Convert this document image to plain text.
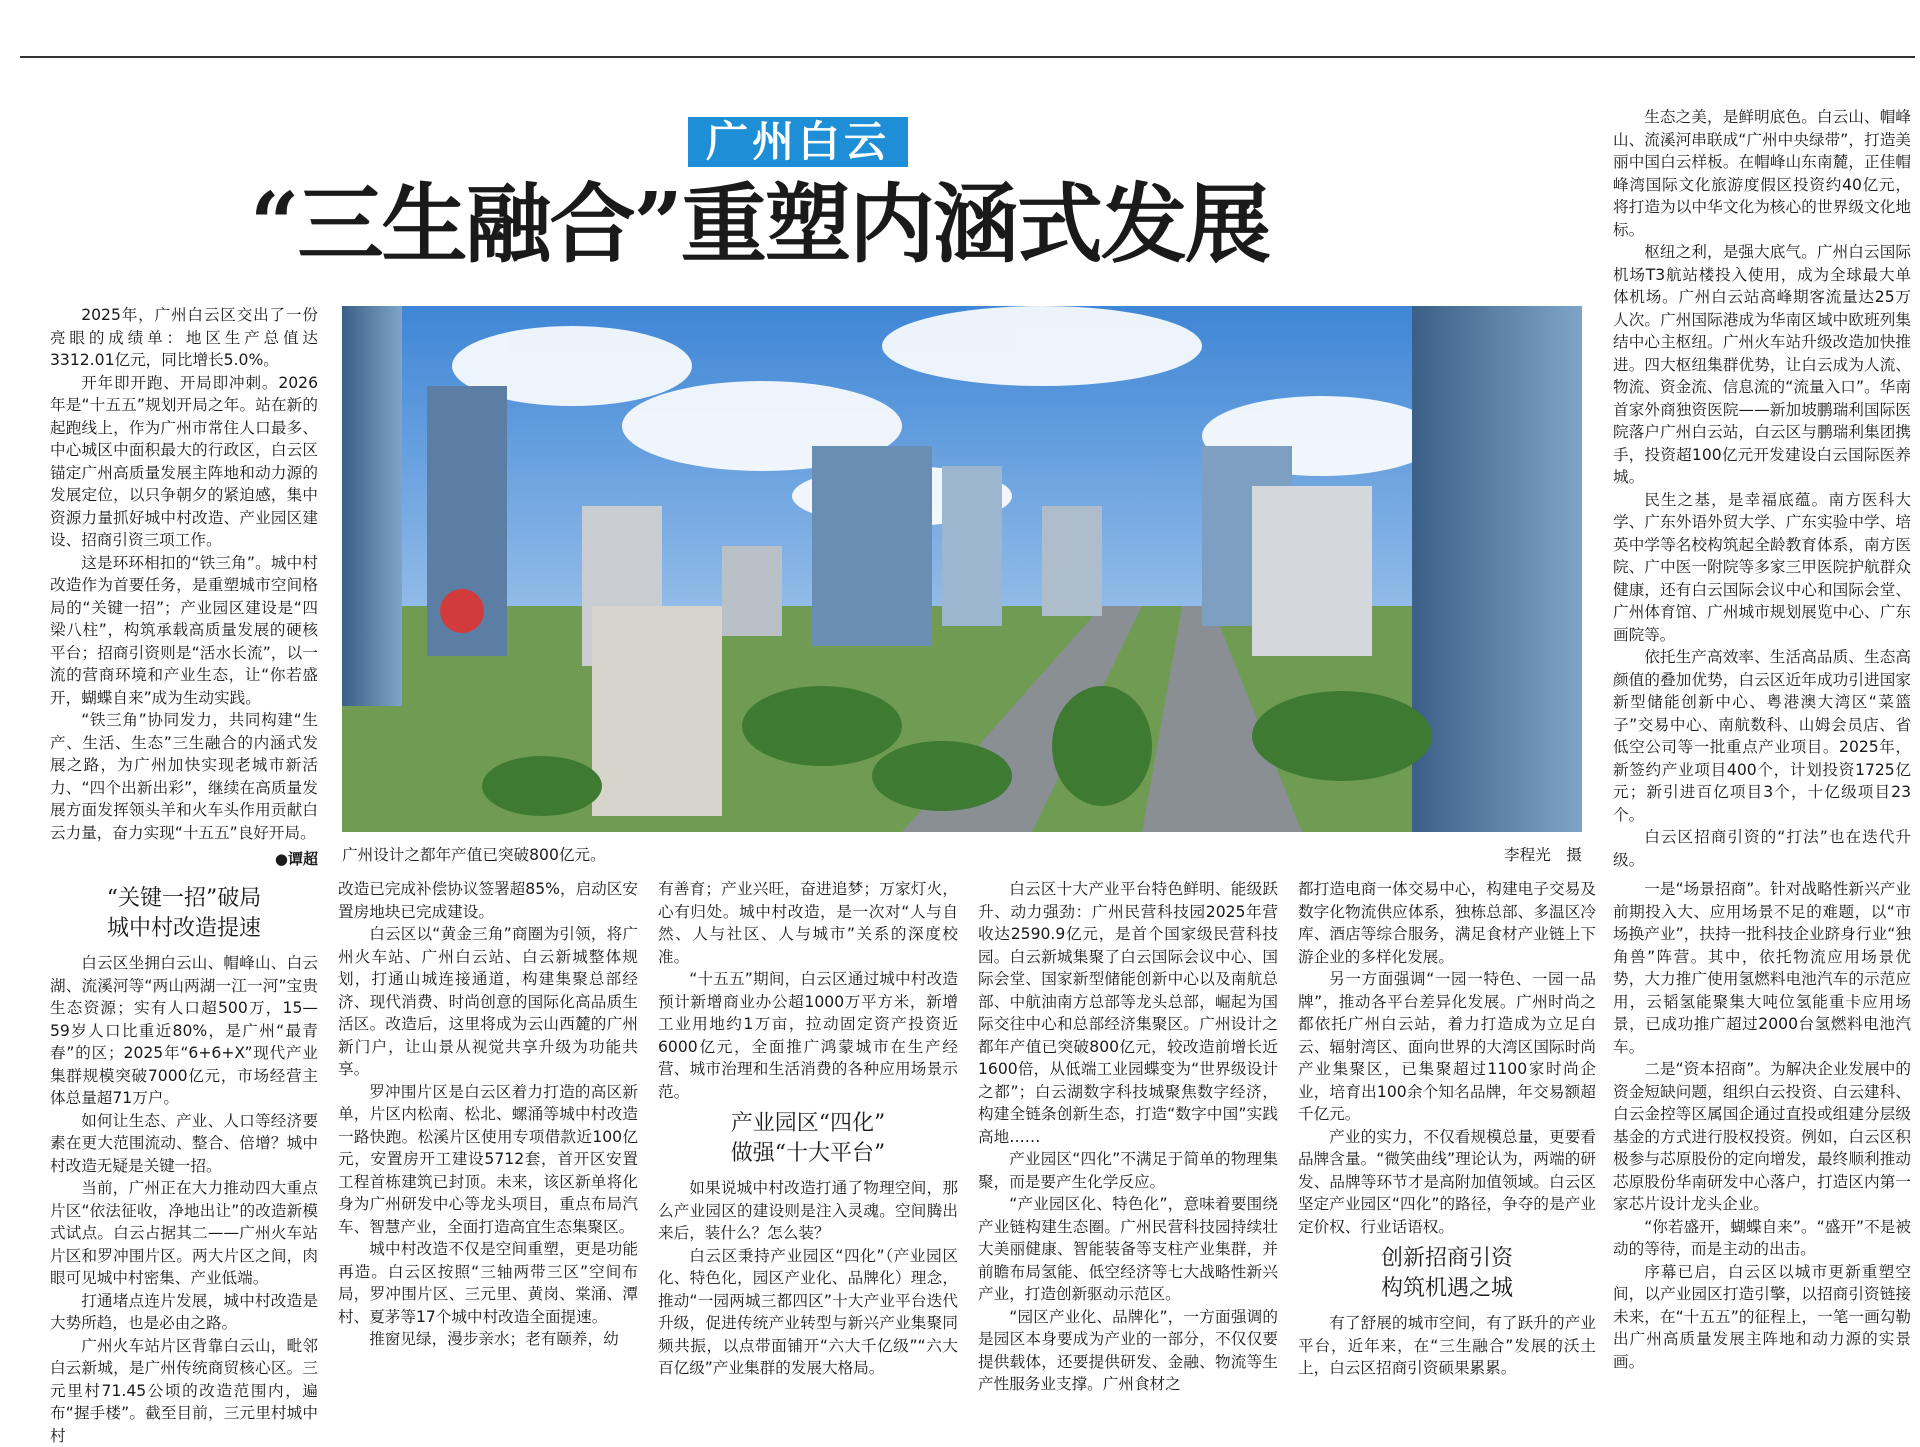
广州白云
“三生融合”重塑内涵式发展

2025年，广州白云区交出了一份亮眼的成绩单：地区生产总值达3312.01亿元，同比增长5.0%。

开年即开跑、开局即冲刺。2026年是“十五五”规划开局之年。站在新的起跑线上，作为广州市常住人口最多、中心城区中面积最大的行政区，白云区锚定广州高质量发展主阵地和动力源的发展定位，以只争朝夕的紧迫感，集中资源力量抓好城中村改造、产业园区建设、招商引资三项工作。

这是环环相扣的“铁三角”。城中村改造作为首要任务，是重塑城市空间格局的“关键一招”；产业园区建设是“四梁八柱”，构筑承载高质量发展的硬核平台；招商引资则是“活水长流”，以一流的营商环境和产业生态，让“你若盛开，蝴蝶自来”成为生动实践。

“铁三角”协同发力，共同构建“生产、生活、生态”三生融合的内涵式发展之路，为广州加快实现老城市新活力、“四个出新出彩”，继续在高质量发展方面发挥领头羊和火车头作用贡献白云力量，奋力实现“十五五”良好开局。

●谭超 广州设计之都年产值已突破800亿元。	李程光　摄

生态之美，是鲜明底色。白云山、帽峰山、流溪河串联成“广州中央绿带”，打造美丽中国白云样板。在帽峰山东南麓，正佳帽峰湾国际文化旅游度假区投资约40亿元，将打造为以中华文化为核心的世界级文化地标。

枢纽之利，是强大底气。广州白云国际机场T3航站楼投入使用，成为全球最大单体机场。广州白云站高峰期客流量达25万人次。广州国际港成为华南区域中欧班列集结中心主枢纽。广州火车站升级改造加快推进。四大枢纽集群优势，让白云成为人流、物流、资金流、信息流的“流量入口”。华南首家外商独资医院——新加坡鹏瑞利国际医院落户广州白云站，白云区与鹏瑞利集团携手，投资超100亿元开发建设白云国际医养城。

民生之基，是幸福底蕴。南方医科大学、广东外语外贸大学、广东实验中学、培英中学等名校构筑起全龄教育体系，南方医院、广中医一附院等多家三甲医院护航群众健康，还有白云国际会议中心和国际会堂、广州体育馆、广州城市规划展览中心、广东画院等。

依托生产高效率、生活高品质、生态高颜值的叠加优势，白云区近年成功引进国家新型储能创新中心、粤港澳大湾区“菜篮子”交易中心、南航数科、山姆会员店、省低空公司等一批重点产业项目。2025年，新签约产业项目400个，计划投资1725亿元；新引进百亿项目3个，十亿级项目23个。

白云区招商引资的“打法”也在迭代升级。

“关键一招”破局
城中村改造提速

白云区坐拥白云山、帽峰山、白云湖、流溪河等“两山两湖一江一河”宝贵生态资源；实有人口超500万，15—59岁人口比重近80%，是广州“最青春”的区；2025年“6+6+X”现代产业集群规模突破7000亿元，市场经营主体总量超71万户。

如何让生态、产业、人口等经济要素在更大范围流动、整合、倍增？城中村改造无疑是关键一招。

当前，广州正在大力推动四大重点片区“依法征收，净地出让”的改造新模式试点。白云占据其二——广州火车站片区和罗冲围片区。两大片区之间，肉眼可见城中村密集、产业低端。

打通堵点连片发展，城中村改造是大势所趋，也是必由之路。

广州火车站片区背靠白云山，毗邻白云新城，是广州传统商贸核心区。三元里村71.45公顷的改造范围内，遍布“握手楼”。截至目前，三元里村城中村

改造已完成补偿协议签署超85%，启动区安置房地块已完成建设。

白云区以“黄金三角”商圈为引领，将广州火车站、广州白云站、白云新城整体规划，打通山城连接通道，构建集聚总部经济、现代消费、时尚创意的国际化高品质生活区。改造后，这里将成为云山西麓的广州新门户，让山景从视觉共享升级为功能共享。

罗冲围片区是白云区着力打造的高区新单，片区内松南、松北、螺涌等城中村改造一路快跑。松溪片区使用专项借款近100亿元，安置房开工建设5712套，首开区安置工程首栋建筑已封顶。未来，该区新单将化身为广州研发中心等龙头项目，重点布局汽车、智慧产业，全面打造高宜生态集聚区。

城中村改造不仅是空间重塑，更是功能再造。白云区按照“三轴两带三区”空间布局，罗冲围片区、三元里、黄岗、棠涌、潭村、夏茅等17个城中村改造全面提速。

推窗见绿，漫步亲水；老有颐养，幼

有善育；产业兴旺，奋进追梦；万家灯火，心有归处。城中村改造，是一次对“人与自然、人与社区、人与城市”关系的深度校准。

“十五五”期间，白云区通过城中村改造预计新增商业办公超1000万平方米，新增工业用地约1万亩，拉动固定资产投资近6000亿元，全面推广鸿蒙城市在生产经营、城市治理和生活消费的各种应用场景示范。

产业园区“四化”
做强“十大平台”

如果说城中村改造打通了物理空间，那么产业园区的建设则是注入灵魂。空间腾出来后，装什么？怎么装？

白云区秉持产业园区“四化”（产业园区化、特色化，园区产业化、品牌化）理念，推动“一园两城三都四区”十大产业平台迭代升级，促进传统产业转型与新兴产业集聚同频共振，以点带面铺开“六大千亿级”“六大百亿级”产业集群的发展大格局。

白云区十大产业平台特色鲜明、能级跃升、动力强劲：广州民营科技园2025年营收达2590.9亿元，是首个国家级民营科技园。白云新城集聚了白云国际会议中心、国际会堂、国家新型储能创新中心以及南航总部、中航油南方总部等龙头总部，崛起为国际交往中心和总部经济集聚区。广州设计之都年产值已突破800亿元，较改造前增长近1600倍，从低端工业园蝶变为“世界级设计之都”；白云湖数字科技城聚焦数字经济，构建全链条创新生态，打造“数字中国”实践高地……

产业园区“四化”不满足于简单的物理集聚，而是要产生化学反应。

“产业园区化、特色化”，意味着要围绕产业链构建生态圈。广州民营科技园持续壮大美丽健康、智能装备等支柱产业集群，并前瞻布局氢能、低空经济等七大战略性新兴产业，打造创新驱动示范区。

“园区产业化、品牌化”，一方面强调的是园区本身要成为产业的一部分，不仅仅要提供载体，还要提供研发、金融、物流等生产性服务业支撑。广州食材之

都打造电商一体交易中心，构建电子交易及数字化物流供应体系，独栋总部、多温区冷库、酒店等综合服务，满足食材产业链上下游企业的多样化发展。

另一方面强调“一园一特色、一园一品牌”，推动各平台差异化发展。广州时尚之都依托广州白云站，着力打造成为立足白云、辐射湾区、面向世界的大湾区国际时尚产业集聚区，已集聚超过1100家时尚企业，培育出100余个知名品牌，年交易额超千亿元。

产业的实力，不仅看规模总量，更要看品牌含量。“微笑曲线”理论认为，两端的研发、品牌等环节才是高附加值领域。白云区坚定产业园区“四化”的路径，争夺的是产业定价权、行业话语权。

创新招商引资
构筑机遇之城

有了舒展的城市空间，有了跃升的产业平台，近年来，在“三生融合”发展的沃土上，白云区招商引资硕果累累。

一是“场景招商”。针对战略性新兴产业前期投入大、应用场景不足的难题，以“市场换产业”，扶持一批科技企业跻身行业“独角兽”阵营。其中，依托物流应用场景优势，大力推广使用氢燃料电池汽车的示范应用，云韬氢能聚集大吨位氢能重卡应用场景，已成功推广超过2000台氢燃料电池汽车。

二是“资本招商”。为解决企业发展中的资金短缺问题，组织白云投资、白云建科、白云金控等区属国企通过直投或组建分层级基金的方式进行股权投资。例如，白云区积极参与芯原股份的定向增发，最终顺利推动芯原股份华南研发中心落户，打造区内第一家芯片设计龙头企业。

“你若盛开，蝴蝶自来”。“盛开”不是被动的等待，而是主动的出击。

序幕已启，白云区以城市更新重塑空间，以产业园区打造引擎，以招商引资链接未来，在“十五五”的征程上，一笔一画勾勒出广州高质量发展主阵地和动力源的实景画。
